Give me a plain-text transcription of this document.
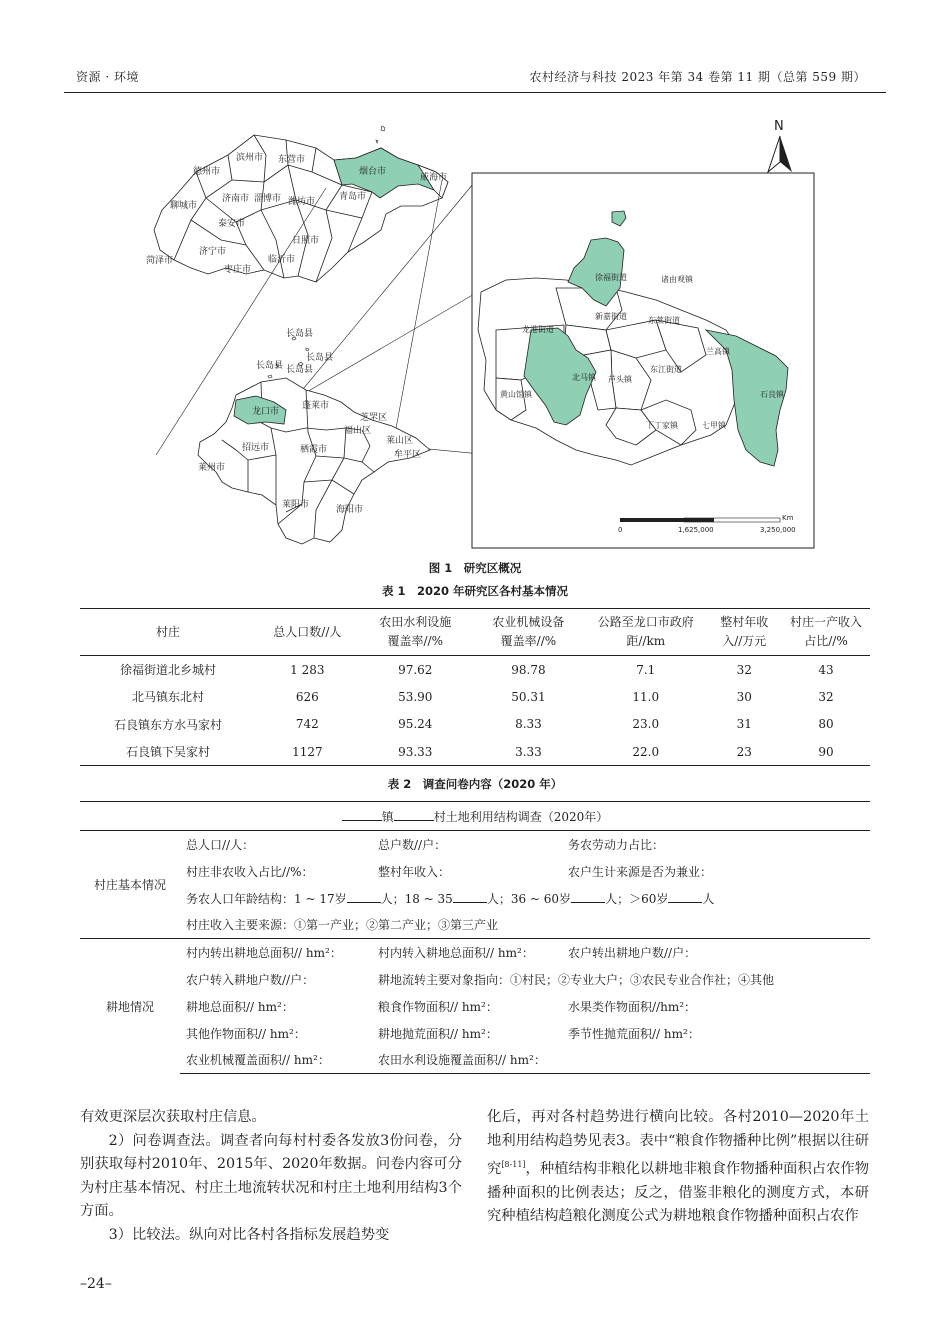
资源 · 环境	农村经济与科技 2023 年第 34 卷第 11 期（总第 559 期）
德州市
滨州市 东营市
烟台市
威海市
聊城市
济南市 淄博市 潍坊市	青岛市
泰安市
济宁市
日照市
菏泽市
枣庄市
临沂市
长岛县
长岛县
长岛县 长岛县
龙口市
蓬莱市
芝罘区
福山区
莱山区
牟平区
招远市	栖霞市
莱州市
莱阳市	海阳市
徐福街道	诸由观镇
新嘉街道	东莱街道
龙港街道
兰高镇
北马镇 芦头镇
东江街道
石良镇
黄山馆镇
下丁家镇	七甲镇
N
Km
0	1,625,000	3,250,000
图 1　研究区概况
表 1　2020 年研究区各村基本情况
村庄	总人口数//人	农田水利设施覆盖率//%	农业机械设备覆盖率//%	公路至龙口市政府距//km	整村年收入//万元	村庄一产收入占比//%

徐福街道北乡城村	1 283	97.62	98.78	7.1	32	43
北马镇东北村	626	53.90	50.31	11.0	30	32
石良镇东方水马家村	742	95.24	8.33	23.0	31	80
石良镇下吴家村	1127	93.33	3.33	22.0	23	90
表 2　调查问卷内容（2020 年）
镇 村土地利用结构调查（2020年）			
村庄基本情况	总人口//人：	总户数//户：	务农劳动力占比：
	村庄非农收入占比//%：	整村年收入：	农户生计来源是否为兼业：
	务农人口年龄结构：1 ~ 17岁 人；18 ~ 35 人；36 ~ 60岁 人；＞60岁 人		
	村庄收入主要来源：①第一产业；②第二产业；③第三产业		
耕地情况	村内转出耕地总面积// hm²：	村内转入耕地总面积// hm²：	农户转出耕地户数//户：
	农户转入耕地户数//户：	耕地流转主要对象指向：①村民；②专业大户；③农民专业合作社；④其他	
	耕地总面积// hm²：	粮食作物面积// hm²：	水果类作物面积//hm²：
	其他作物面积// hm²：	耕地抛荒面积// hm²：	季节性抛荒面积// hm²：
	农业机械覆盖面积// hm²：	农田水利设施覆盖面积// hm²：	

有效更深层次获取村庄信息。

2）问卷调查法。调查者向每村村委各发放3份问卷，分别获取每村2010年、2015年、2020年数据。问卷内容可分为村庄基本情况、村庄土地流转状况和村庄土地利用结构3个方面。

3）比较法。纵向对比各村各指标发展趋势变

化后，再对各村趋势进行横向比较。各村2010—2020年土地利用结构趋势见表3。表中“粮食作物播种比例”根据以往研究[8-11]，种植结构非粮化以耕地非粮食作物播种面积占农作物播种面积的比例表达；反之，借鉴非粮化的测度方式，本研究种植结构趋粮化测度公式为耕地粮食作物播种面积占农作

–24–
